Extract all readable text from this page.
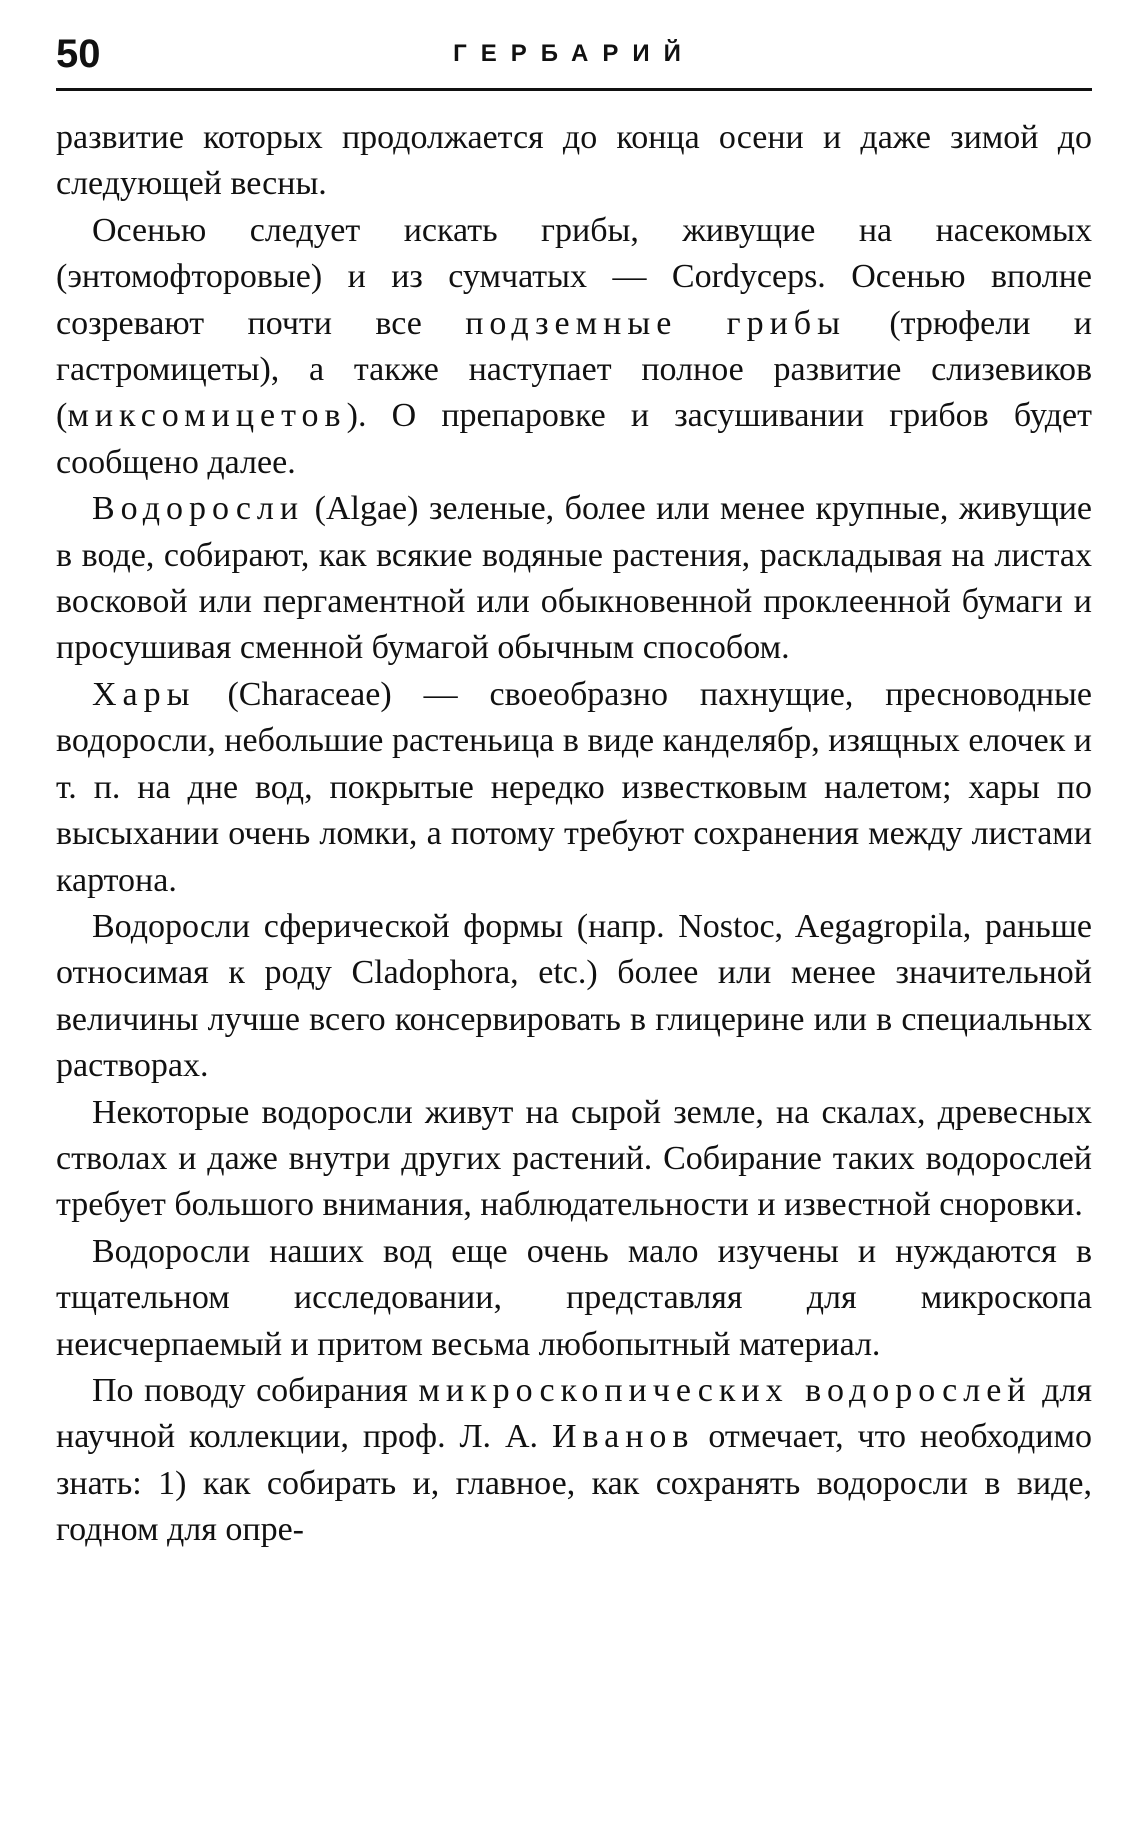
50	ГЕРБАРИЙ

развитие которых продолжается до конца осени и даже зимой до следующей весны.

Осенью следует искать грибы, живущие на насекомых (энтомофторовые) и из сумчатых — Cordyceps. Осенью вполне созревают почти все подземные грибы (трюфели и гастромицеты), а также наступает полное развитие слизевиков (миксомицетов). О препаровке и засушивании грибов будет сообщено далее.

Водоросли (Algae) зеленые, более или менее крупные, живущие в воде, собирают, как всякие водяные растения, раскладывая на листах восковой или пергаментной или обыкновенной проклеенной бумаги и просушивая сменной бумагой обычным способом.

Хары (Characeae) — своеобразно пахнущие, пресноводные водоросли, небольшие растеньица в виде канделябр, изящных елочек и т. п. на дне вод, покрытые нередко известковым налетом; хары по высыхании очень ломки, а потому требуют сохранения между листами картона.

Водоросли сферической формы (напр. Nostoc, Aegagropila, раньше относимая к роду Cladophora, etc.) более или менее значительной величины лучше всего консервировать в глицерине или в специальных растворах.

Некоторые водоросли живут на сырой земле, на скалах, древесных стволах и даже внутри других растений. Собирание таких водорослей требует большого внимания, наблюдательности и известной сноровки.

Водоросли наших вод еще очень мало изучены и нуждаются в тщательном исследовании, представляя для микроскопа неисчерпаемый и притом весьма любопытный материал.

По поводу собирания микроскопических водорослей для научной коллекции, проф. Л. А. Иванов отмечает, что необходимо знать: 1) как собирать и, главное, как сохранять водоросли в виде, годном для опре-
